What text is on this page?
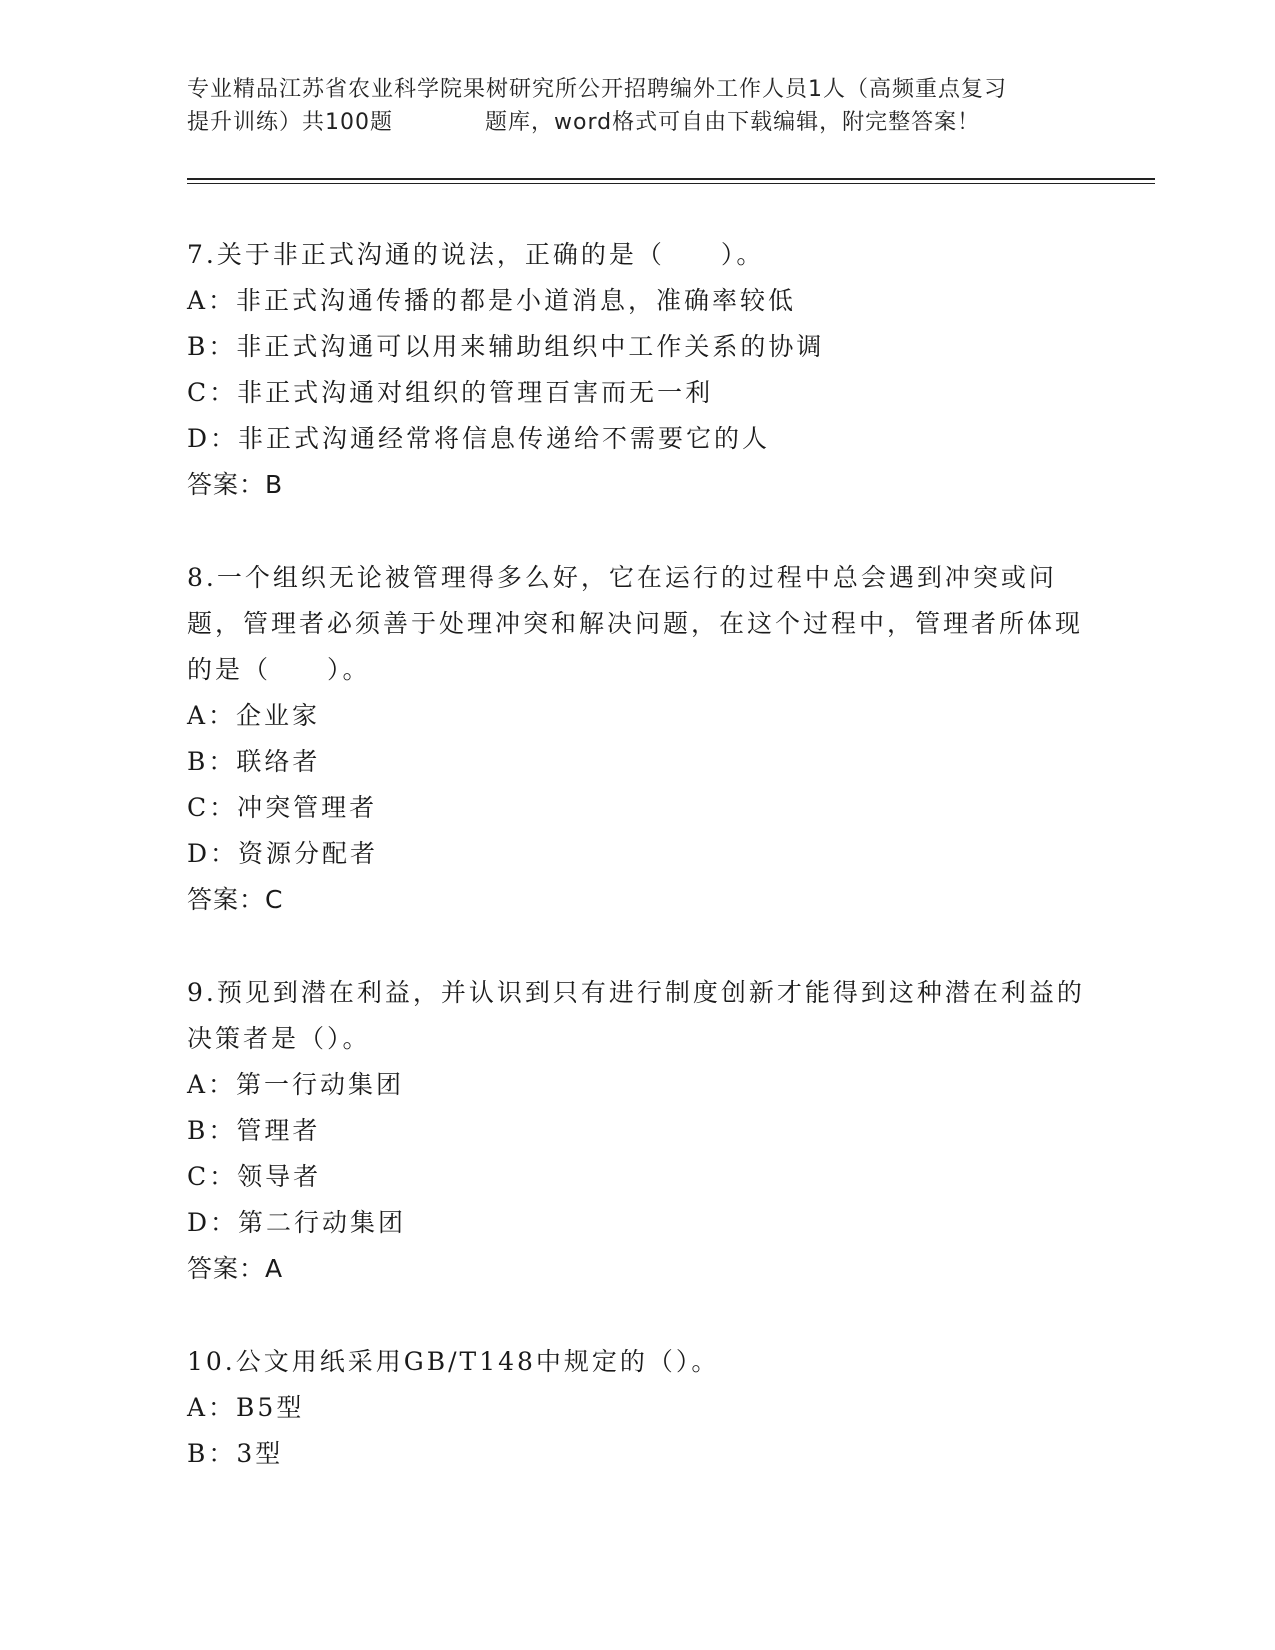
专业精品江苏省农业科学院果树研究所公开招聘编外工作人员1人（高频重点复习
提升训练）共100题	题库，word格式可自由下载编辑，附完整答案！
7.关于非正式沟通的说法，正确的是（　　）。
A：非正式沟通传播的都是小道消息，准确率较低
B：非正式沟通可以用来辅助组织中工作关系的协调
C：非正式沟通对组织的管理百害而无一利
D：非正式沟通经常将信息传递给不需要它的人
答案：B
8.一个组织无论被管理得多么好，它在运行的过程中总会遇到冲突或问题，管理者必须善于处理冲突和解决问题，在这个过程中，管理者所体现的是（　　）。
A：企业家
B：联络者
C：冲突管理者
D：资源分配者
答案：C
9.预见到潜在利益，并认识到只有进行制度创新才能得到这种潜在利益的决策者是（）。
A：第一行动集团
B：管理者
C：领导者
D：第二行动集团
答案：A
10.公文用纸采用GB/T148中规定的（）。
A：B5型
B：3型
